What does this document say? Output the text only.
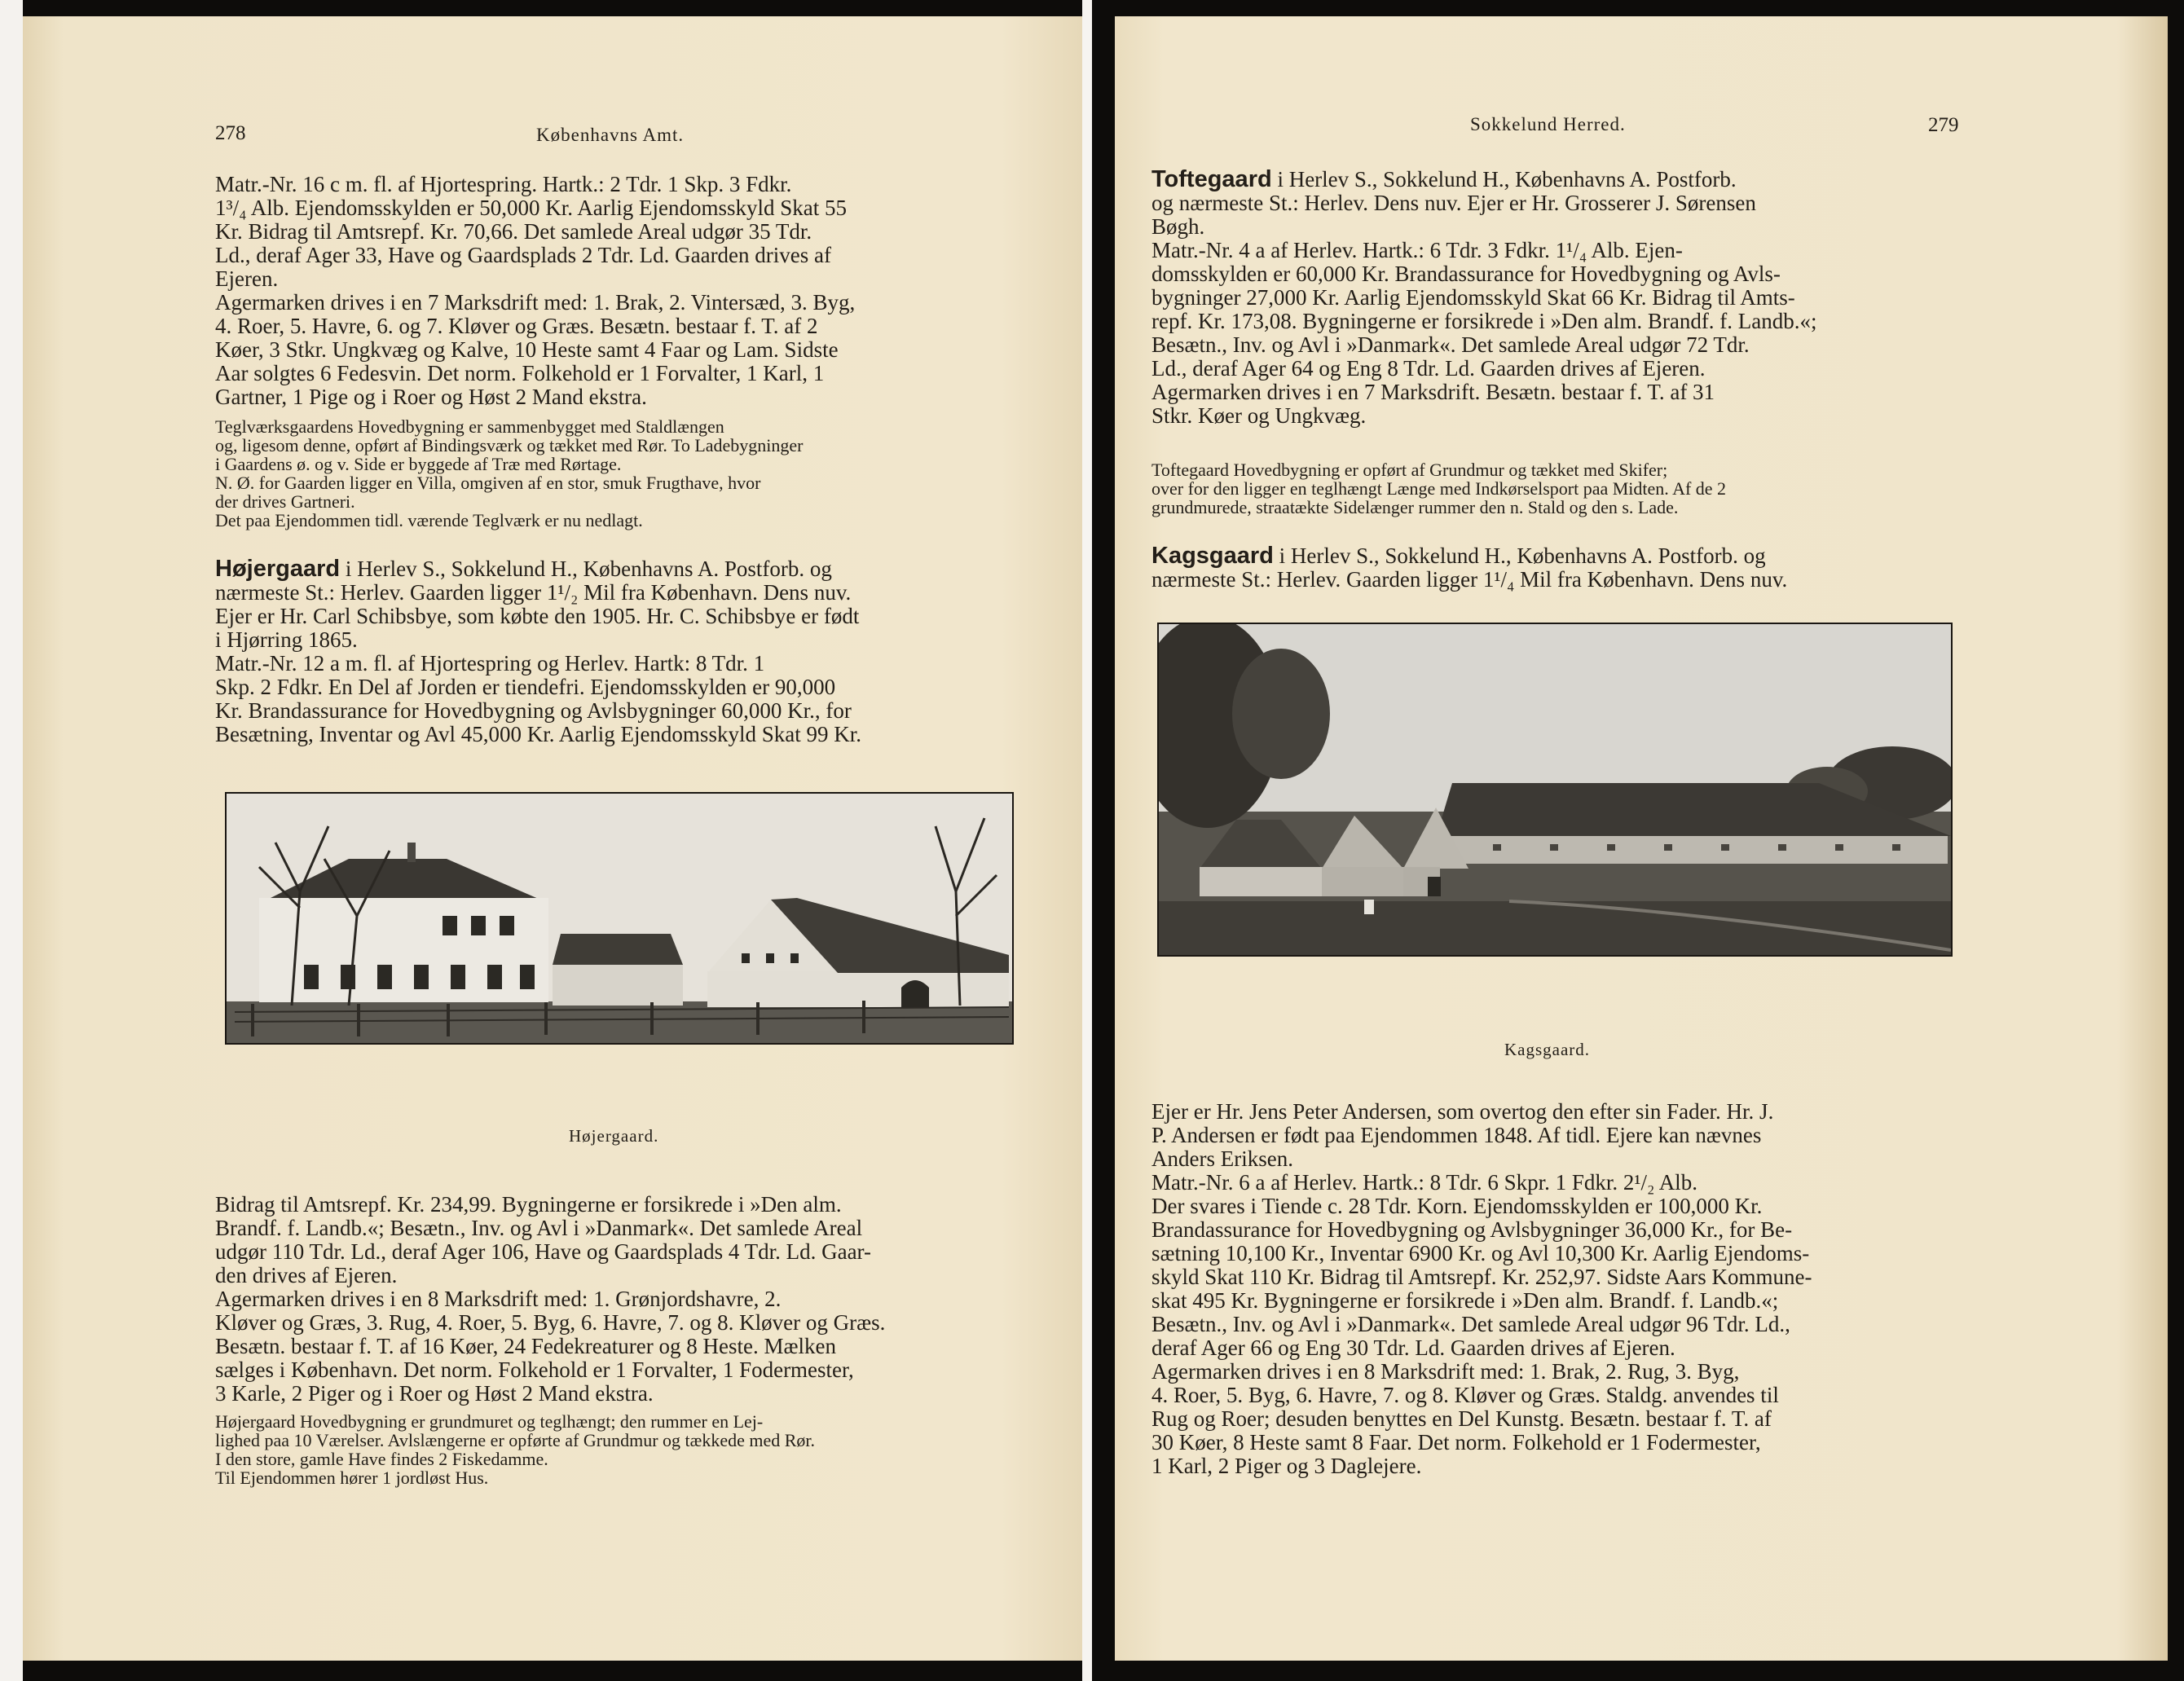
278	Københavns Amt.
Matr.-Nr. 16 c m. fl. af Hjortespring. Hartk.: 2 Tdr. 1 Skp. 3 Fdkr.
1³/₄ Alb. Ejendomsskylden er 50,000 Kr. Aarlig Ejendomsskyld Skat 55
Kr. Bidrag til Amtsrepf. Kr. 70,66. Det samlede Areal udgør 35 Tdr.
Ld., deraf Ager 33, Have og Gaardsplads 2 Tdr. Ld. Gaarden drives af
Ejeren.
Agermarken drives i en 7 Marksdrift med: 1. Brak, 2. Vintersæd, 3. Byg,
4. Roer, 5. Havre, 6. og 7. Kløver og Græs. Besætn. bestaar f. T. af 2
Køer, 3 Stkr. Ungkvæg og Kalve, 10 Heste samt 4 Faar og Lam. Sidste
Aar solgtes 6 Fedesvin. Det norm. Folkehold er 1 Forvalter, 1 Karl, 1
Gartner, 1 Pige og i Roer og Høst 2 Mand ekstra.
Teglværksgaardens Hovedbygning er sammenbygget med Staldlængen
og, ligesom denne, opført af Bindingsværk og tækket med Rør. To Ladebygninger
i Gaardens ø. og v. Side er byggede af Træ med Rørtage.
N. Ø. for Gaarden ligger en Villa, omgiven af en stor, smuk Frugthave, hvor
der drives Gartneri.
Det paa Ejendommen tidl. værende Teglværk er nu nedlagt.
Højergaard i Herlev S., Sokkelund H., Københavns A. Postforb. og
nærmeste St.: Herlev. Gaarden ligger 1¹/₂ Mil fra København. Dens nuv.
Ejer er Hr. Carl Schibsbye, som købte den 1905. Hr. C. Schibsbye er født
i Hjørring 1865.
Matr.-Nr. 12 a m. fl. af Hjortespring og Herlev. Hartk: 8 Tdr. 1
Skp. 2 Fdkr. En Del af Jorden er tiendefri. Ejendomsskylden er 90,000
Kr. Brandassurance for Hovedbygning og Avlsbygninger 60,000 Kr., for
Besætning, Inventar og Avl 45,000 Kr. Aarlig Ejendomsskyld Skat 99 Kr.
Højergaard.
Bidrag til Amtsrepf. Kr. 234,99. Bygningerne er forsikrede i »Den alm.
Brandf. f. Landb.«; Besætn., Inv. og Avl i »Danmark«. Det samlede Areal
udgør 110 Tdr. Ld., deraf Ager 106, Have og Gaardsplads 4 Tdr. Ld. Gaar-
den drives af Ejeren.
Agermarken drives i en 8 Marksdrift med: 1. Grønjordshavre, 2.
Kløver og Græs, 3. Rug, 4. Roer, 5. Byg, 6. Havre, 7. og 8. Kløver og Græs.
Besætn. bestaar f. T. af 16 Køer, 24 Fedekreaturer og 8 Heste. Mælken
sælges i København. Det norm. Folkehold er 1 Forvalter, 1 Fodermester,
3 Karle, 2 Piger og i Roer og Høst 2 Mand ekstra.
Højergaard Hovedbygning er grundmuret og teglhængt; den rummer en Lej-
lighed paa 10 Værelser. Avlslængerne er opførte af Grundmur og tækkede med Rør.
I den store, gamle Have findes 2 Fiskedamme.
Til Ejendommen hører 1 jordløst Hus.
Sokkelund Herred.	279
Toftegaard i Herlev S., Sokkelund H., Københavns A. Postforb.
og nærmeste St.: Herlev. Dens nuv. Ejer er Hr. Grosserer J. Sørensen
Bøgh.
Matr.-Nr. 4 a af Herlev. Hartk.: 6 Tdr. 3 Fdkr. 1¹/₄ Alb. Ejen-
domsskylden er 60,000 Kr. Brandassurance for Hovedbygning og Avls-
bygninger 27,000 Kr. Aarlig Ejendomsskyld Skat 66 Kr. Bidrag til Amts-
repf. Kr. 173,08. Bygningerne er forsikrede i »Den alm. Brandf. f. Landb.«;
Besætn., Inv. og Avl i »Danmark«. Det samlede Areal udgør 72 Tdr.
Ld., deraf Ager 64 og Eng 8 Tdr. Ld. Gaarden drives af Ejeren.
Agermarken drives i en 7 Marksdrift. Besætn. bestaar f. T. af 31
Stkr. Køer og Ungkvæg.
Toftegaard Hovedbygning er opført af Grundmur og tækket med Skifer;
over for den ligger en teglhængt Længe med Indkørselsport paa Midten. Af de 2
grundmurede, straatækte Sidelænger rummer den n. Stald og den s. Lade.
Kagsgaard i Herlev S., Sokkelund H., Københavns A. Postforb. og
nærmeste St.: Herlev. Gaarden ligger 1¹/₄ Mil fra København. Dens nuv.
Kagsgaard.
Ejer er Hr. Jens Peter Andersen, som overtog den efter sin Fader. Hr. J.
P. Andersen er født paa Ejendommen 1848. Af tidl. Ejere kan nævnes
Anders Eriksen.
Matr.-Nr. 6 a af Herlev. Hartk.: 8 Tdr. 6 Skpr. 1 Fdkr. 2¹/₂ Alb.
Der svares i Tiende c. 28 Tdr. Korn. Ejendomsskylden er 100,000 Kr.
Brandassurance for Hovedbygning og Avlsbygninger 36,000 Kr., for Be-
sætning 10,100 Kr., Inventar 6900 Kr. og Avl 10,300 Kr. Aarlig Ejendoms-
skyld Skat 110 Kr. Bidrag til Amtsrepf. Kr. 252,97. Sidste Aars Kommune-
skat 495 Kr. Bygningerne er forsikrede i »Den alm. Brandf. f. Landb.«;
Besætn., Inv. og Avl i »Danmark«. Det samlede Areal udgør 96 Tdr. Ld.,
deraf Ager 66 og Eng 30 Tdr. Ld. Gaarden drives af Ejeren.
Agermarken drives i en 8 Marksdrift med: 1. Brak, 2. Rug, 3. Byg,
4. Roer, 5. Byg, 6. Havre, 7. og 8. Kløver og Græs. Staldg. anvendes til
Rug og Roer; desuden benyttes en Del Kunstg. Besætn. bestaar f. T. af
30 Køer, 8 Heste samt 8 Faar. Det norm. Folkehold er 1 Fodermester,
1 Karl, 2 Piger og 3 Daglejere.
